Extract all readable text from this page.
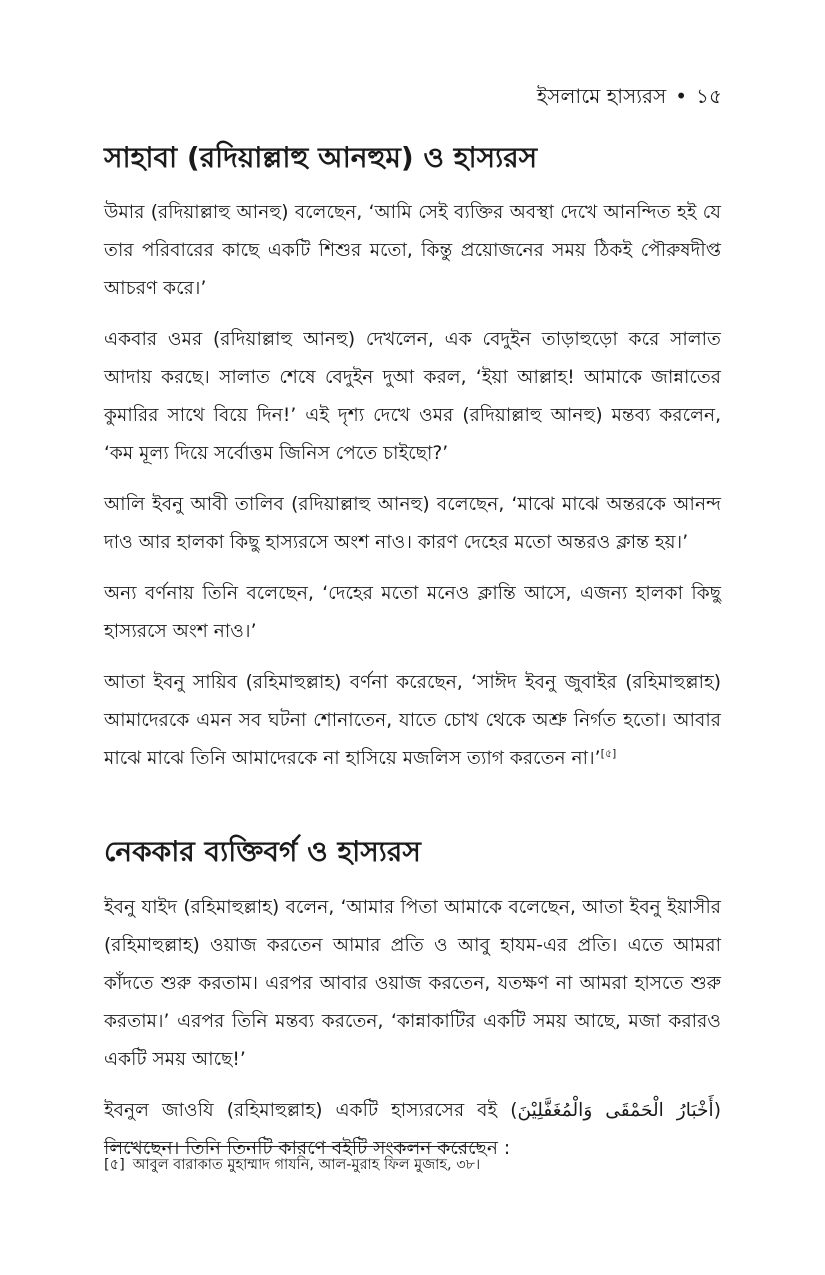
ইসলামে হাস্যরস • ১৫
সাহাবা (রদিয়াল্লাহু আনহুম) ও হাস্যরস

উমার (রদিয়াল্লাহু আনহু) বলেছেন, ‘আমি সেই ব্যক্তির অবস্থা দেখে আনন্দিত হই যে তার পরিবারের কাছে একটি শিশুর মতো, কিন্তু প্রয়োজনের সময় ঠিকই পৌরুষদীপ্ত আচরণ করে।’

একবার ওমর (রদিয়াল্লাহু আনহু) দেখলেন, এক বেদুইন তাড়াহুড়ো করে সালাত আদায় করছে। সালাত শেষে বেদুইন দুআ করল, ‘ইয়া আল্লাহ! আমাকে জান্নাতের কুমারির সাথে বিয়ে দিন!’ এই দৃশ্য দেখে ওমর (রদিয়াল্লাহু আনহু) মন্তব্য করলেন, ‘কম মূল্য দিয়ে সর্বোত্তম জিনিস পেতে চাইছো?’

আলি ইবনু আবী তালিব (রদিয়াল্লাহু আনহু) বলেছেন, ‘মাঝে মাঝে অন্তরকে আনন্দ দাও আর হালকা কিছু হাস্যরসে অংশ নাও। কারণ দেহের মতো অন্তরও ক্লান্ত হয়।’

অন্য বর্ণনায় তিনি বলেছেন, ‘দেহের মতো মনেও ক্লান্তি আসে, এজন্য হালকা কিছু হাস্যরসে অংশ নাও।’

আতা ইবনু সায়িব (রহিমাহুল্লাহ) বর্ণনা করেছেন, ‘সাঈদ ইবনু জুবাইর (রহিমাহুল্লাহ) আমাদেরকে এমন সব ঘটনা শোনাতেন, যাতে চোখ থেকে অশ্রু নির্গত হতো। আবার মাঝে মাঝে তিনি আমাদেরকে না হাসিয়ে মজলিস ত্যাগ করতেন না।’[৫]

নেককার ব্যক্তিবর্গ ও হাস্যরস

ইবনু যাইদ (রহিমাহুল্লাহ) বলেন, ‘আমার পিতা আমাকে বলেছেন, আতা ইবনু ইয়াসীর (রহিমাহুল্লাহ) ওয়াজ করতেন আমার প্রতি ও আবু হাযম-এর প্রতি। এতে আমরা কাঁদতে শুরু করতাম। এরপর আবার ওয়াজ করতেন, যতক্ষণ না আমরা হাসতে শুরু করতাম।’ এরপর তিনি মন্তব্য করতেন, ‘কান্নাকাটির একটি সময় আছে, মজা করারও একটি সময় আছে!’

ইবনুল জাওযি (রহিমাহুল্লাহ) একটি হাস্যরসের বই (أَخْبَارُ الْحَمْقَى وَالْمُغَفَّلِيْنَ) লিখেছেন। তিনি তিনটি কারণে বইটি সংকলন করেছেন :

[৫] আবুল বারাকাত মুহাম্মাদ গাযনি, আল-মুরাহ ফিল মুজাহ, ৩৮।
